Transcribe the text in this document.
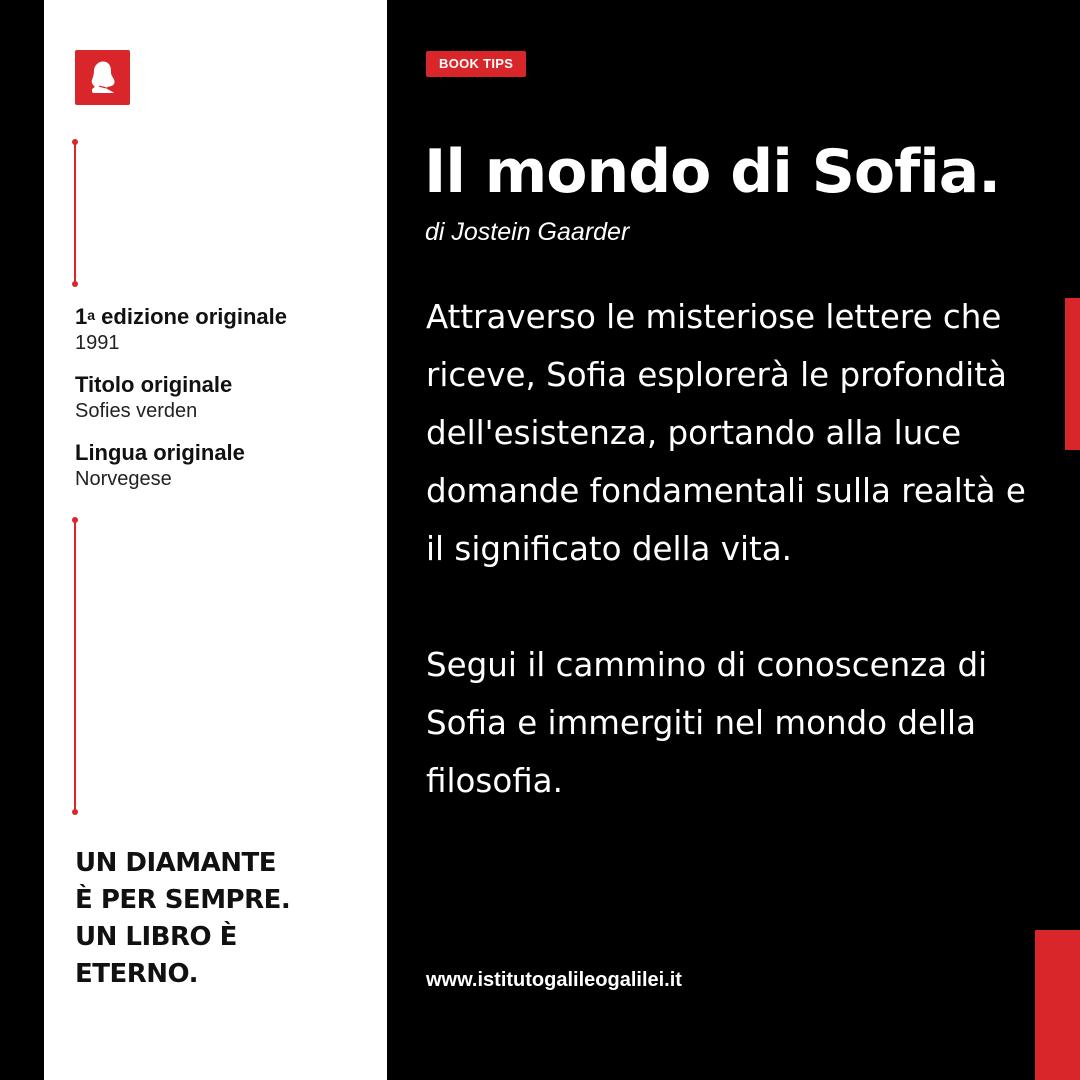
1$^a$ edizione originale
1991
Titolo originale
Sofies verden
Lingua originale
Norvegese
UN DIAMANTE
È PER SEMPRE.
UN LIBRO È
ETERNO.
BOOK TIPS
Il mondo di Sofia.
di Jostein Gaarder

Attraverso le misteriose lettere che riceve, Sofia esplorerà le profondità dell'esistenza, portando alla luce domande fondamentali sulla realtà e il significato della vita.

Segui il cammino di conoscenza di Sofia e immergiti nel mondo della filosofia.

www.istitutogalileogalilei.it
